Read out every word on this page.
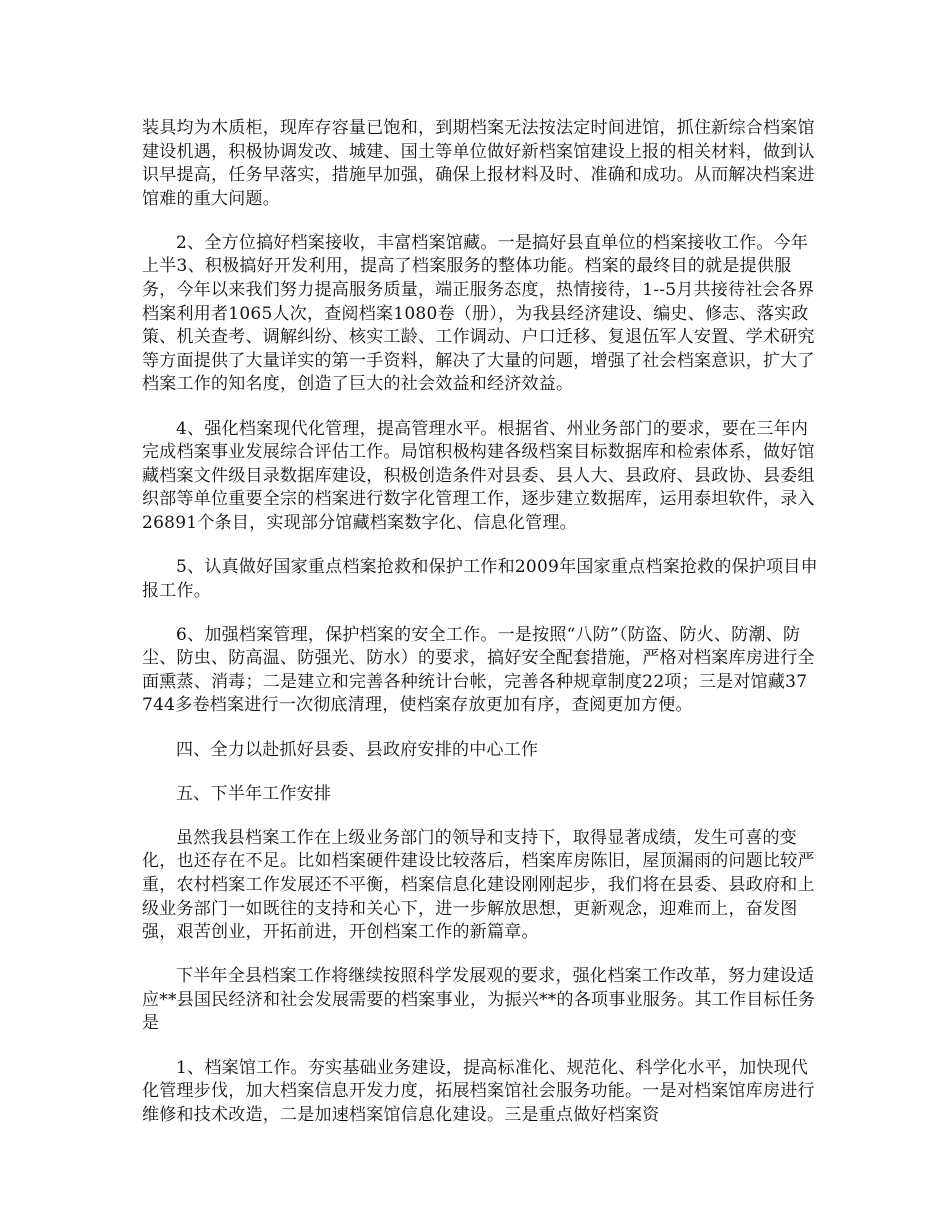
装具均为木质柜，现库存容量已饱和，到期档案无法按法定时间进馆，抓住新综合档案馆建设机遇，积极协调发改、城建、国土等单位做好新档案馆建设上报的相关材料，做到认识早提高，任务早落实，措施早加强，确保上报材料及时、准确和成功。从而解决档案进馆难的重大问题。

2、全方位搞好档案接收，丰富档案馆藏。一是搞好县直单位的档案接收工作。今年上半3、积极搞好开发利用，提高了档案服务的整体功能。档案的最终目的就是提供服务，今年以来我们努力提高服务质量，端正服务态度，热情接待，1--5月共接待社会各界档案利用者1065人次，查阅档案1080卷（册），为我县经济建设、编史、修志、落实政策、机关查考、调解纠纷、核实工龄、工作调动、户口迁移、复退伍军人安置、学术研究等方面提供了大量详实的第一手资料，解决了大量的问题，增强了社会档案意识，扩大了档案工作的知名度，创造了巨大的社会效益和经济效益。

4、强化档案现代化管理，提高管理水平。根据省、州业务部门的要求，要在三年内完成档案事业发展综合评估工作。局馆积极构建各级档案目标数据库和检索体系，做好馆藏档案文件级目录数据库建设，积极创造条件对县委、县人大、县政府、县政协、县委组织部等单位重要全宗的档案进行数字化管理工作，逐步建立数据库，运用泰坦软件，录入26891个条目，实现部分馆藏档案数字化、信息化管理。

5、认真做好国家重点档案抢救和保护工作和2009年国家重点档案抢救的保护项目申报工作。

6、加强档案管理，保护档案的安全工作。一是按照“八防”（防盗、防火、防潮、防尘、防虫、防高温、防强光、防水）的要求，搞好安全配套措施，严格对档案库房进行全面熏蒸、消毒；二是建立和完善各种统计台帐，完善各种规章制度22项；三是对馆藏37744多卷档案进行一次彻底清理，使档案存放更加有序，查阅更加方便。

四、全力以赴抓好县委、县政府安排的中心工作

五、下半年工作安排

虽然我县档案工作在上级业务部门的领导和支持下，取得显著成绩，发生可喜的变化，也还存在不足。比如档案硬件建设比较落后，档案库房陈旧，屋顶漏雨的问题比较严重，农村档案工作发展还不平衡，档案信息化建设刚刚起步，我们将在县委、县政府和上级业务部门一如既往的支持和关心下，进一步解放思想，更新观念，迎难而上，奋发图强，艰苦创业，开拓前进，开创档案工作的新篇章。

下半年全县档案工作将继续按照科学发展观的要求，强化档案工作改革，努力建设适应**县国民经济和社会发展需要的档案事业，为振兴**的各项事业服务。其工作目标任务是

1、档案馆工作。夯实基础业务建设，提高标准化、规范化、科学化水平，加快现代化管理步伐，加大档案信息开发力度，拓展档案馆社会服务功能。一是对档案馆库房进行维修和技术改造，二是加速档案馆信息化建设。三是重点做好档案资
